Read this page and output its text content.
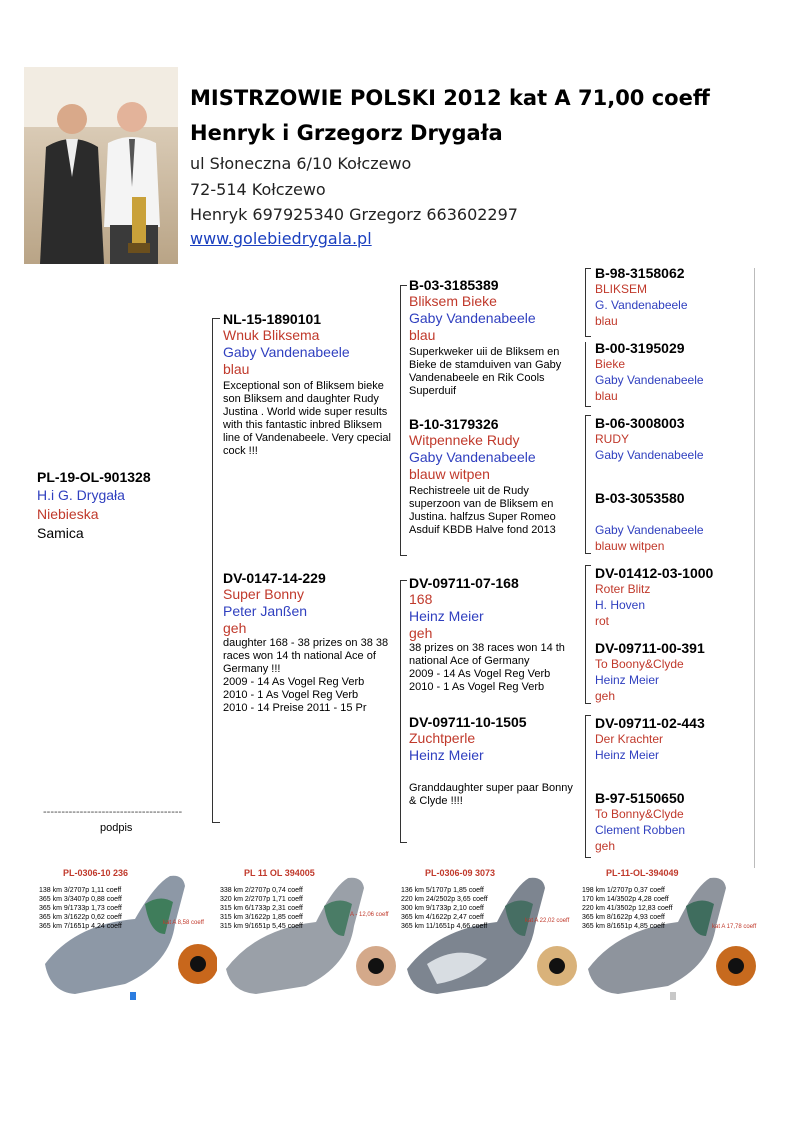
MISTRZOWIE POLSKI 2012 kat A 71,00 coeff
Henryk i Grzegorz Drygała
ul Słoneczna 6/10 Kołczewo
72-514 Kołczewo
Henryk 697925340 Grzegorz 663602297
www.golebiedrygala.pl
PL-19-OL-901328
H.i G. Drygała
Niebieska
Samica
--------------------------------------
podpis
NL-15-1890101
Wnuk Bliksema
Gaby Vandenabeele
blau
Exceptional son of Bliksem bieke son Bliksem and daughter Rudy Justina . World wide super results with this fantastic inbred Bliksem line of Vandenabeele. Very cpecial cock !!!
DV-0147-14-229
Super Bonny
Peter Janßen
geh
daughter 168 - 38 prizes on 38 38 races won 14 th national Ace of Germany !!!
2009 - 14 As Vogel Reg Verb
2010 - 1 As Vogel Reg Verb
2010 - 14 Preise 2011 - 15 Pr
B-03-3185389
Bliksem Bieke
Gaby Vandenabeele
blau
Superkweker uii de Bliksem en Bieke de stamduiven van Gaby Vandenabeele en Rik Cools Superduif
B-10-3179326
Witpenneke Rudy
Gaby Vandenabeele
blauw witpen
Rechistreele uit de Rudy superzoon van de Bliksem en Justina. halfzus Super Romeo Asduif KBDB Halve fond 2013
DV-09711-07-168
168
Heinz Meier
geh
38 prizes on 38 races won 14 th national Ace of Germany
2009 - 14 As Vogel Reg Verb
2010 - 1 As Vogel Reg Verb
DV-09711-10-1505
Zuchtperle
Heinz Meier
Granddaughter super paar Bonny & Clyde !!!!
B-98-3158062
BLIKSEM
G. Vandenabeele
blau
B-00-3195029
Bieke
Gaby Vandenabeele
blau
B-06-3008003
RUDY
Gaby Vandenabeele
B-03-3053580
Gaby Vandenabeele
blauw witpen
DV-01412-03-1000
Roter Blitz
H. Hoven
rot
DV-09711-00-391
To Boony&Clyde
Heinz Meier
geh
DV-09711-02-443
Der Krachter
Heinz Meier
B-97-5150650
To Bonny&Clyde
Clement Robben
geh
PL-0306-10 236
138 km 3/2707p 1,11 coeff
365 km 3/3407p 0,88 coeff
365 km 9/1733p 1,73 coeff
365 km 3/1622p 0,62 coeff
365 km 7/1651p 4,24 coeff	kat A 8,58 coeff
PL 11 OL 394005
338 km 2/2707p 0,74 coeff
320 km 2/2707p 1,71 coeff
315 km 6/1733p 2,31 coeff
315 km 3/1622p 1,85 coeff
315 km 9/1651p 5,45 coeff
A - 12,06 coeff
PL-0306-09 3073
136 km 5/1707p 1,85 coeff
220 km 24/2502p 3,65 coeff
300 km 9/1733p 2,10 coeff
365 km 4/1622p 2,47 coeff
365 km 11/1651p 4,66 coeff
kat A 22,02 coeff
PL-11-OL-394049
198 km 1/2707p 0,37 coeff
170 km 14/3502p 4,28 coeff
220 km 41/3502p 12,83 coeff
365 km 8/1622p 4,93 coeff
365 km 8/1651p 4,85 coeff	kat A 17,78 coeff
